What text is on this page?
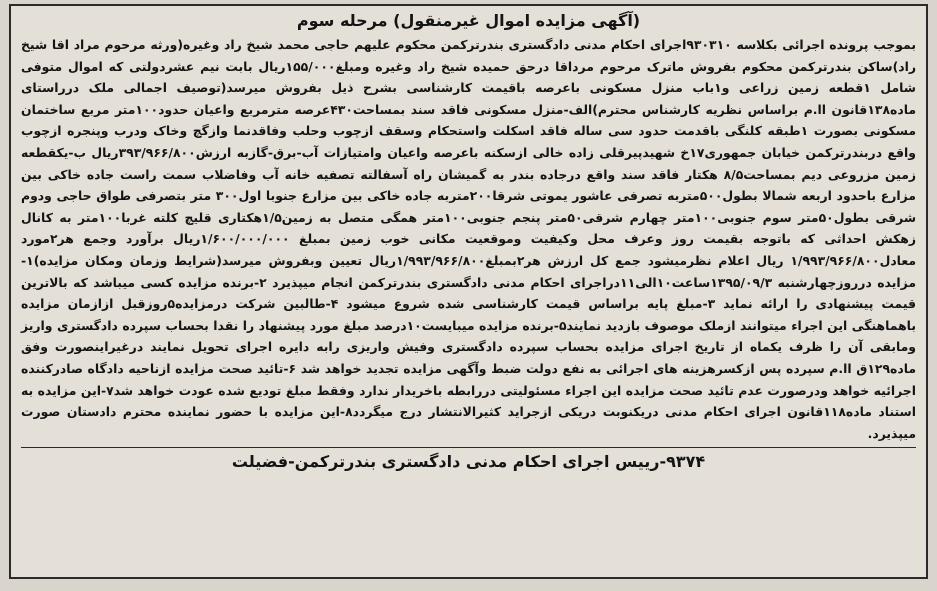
(آگهی مزایده اموال غیرمنقول) مرحله سوم

بموجب پرونده اجرائی بکلاسه ۹۳۰۳۱۰اجرای احکام مدنی دادگستری بندرترکمن محکوم علیهم حاجی محمد شیخ راد وغیره(ورثه مرحوم مراد اقا شیخ راد)ساکن بندرترکمن محکوم بفروش ماترک مرحوم مرداقا درحق حمیده شیخ راد وغیره ومبلغ۱۵۵/۰۰۰ریال بابت نیم عشردولتی که اموال متوفی شامل ۱قطعه زمین زراعی و۱باب منزل مسکونی باعرصه باقیمت کارشناسی بشرح ذیل بفروش میرسد(توصیف اجمالی ملک درراستای ماده۱۳۸قانون اا.م براساس نظریه کارشناس محترم)الف-منزل مسکونی فاقد سند بمساحت۴۳۰عرصه مترمربع واعیان حدود۱۰۰متر مربع ساختمان مسکونی بصورت ۱طبقه کلنگی باقدمت حدود سی ساله فاقد اسکلت واستحکام وسقف ازچوب وحلب وفاقدنما وازگچ وخاک ودرب وپنجره ازچوب واقع دربندرترکمن خیابان جمهوری۱۷خ شهیدپیرقلی زاده خالی ازسکنه باعرصه واعیان وامتیازات آب-برق-گازبه ارزش۳۹۳/۹۶۶/۸۰۰ریال ب-یکقطعه زمین مزروعی دیم بمساحت۸/۵ هکتار فاقد سند واقع درجاده بندر به گمیشان راه آسفالته تصفیه خانه آب وفاضلاب سمت راست جاده خاکی بین مزارع باحدود اربعه شمالا بطول۵۰۰متربه تصرفی عاشور یموتی شرقا۲۰۰متربه جاده خاکی بین مزارع جنوبا اول۳۰۰ متر بتصرفی طواق حاجی ودوم شرقی بطول۵۰متر سوم جنوبی۱۰۰متر چهارم شرقی۵۰متر پنجم جنوبی۱۰۰متر همگی متصل به زمین۱/۵هکتاری قلیچ کلته غربا۱۰۰متر به کانال زهکش احداثی که باتوجه بقیمت روز وعرف محل وکیفیت وموقعیت مکانی خوب زمین بمبلغ ۱/۶۰۰/۰۰۰/۰۰۰ریال برآورد وجمع هر۲مورد معادل۱/۹۹۳/۹۶۶/۸۰۰ ریال اعلام نظرمیشود جمع کل ارزش هر۲بمبلغ۱/۹۹۳/۹۶۶/۸۰۰ریال تعیین وبفروش میرسد(شرایط وزمان ومکان مزایده)۱-مزایده درروزچهارشنبه ۱۳۹۵/۰۹/۳ساعت۱۰الی۱۱دراجرای احکام مدنی دادگستری بندرترکمن انجام میپذیرد ۲-برنده مزایده کسی میباشد که بالاترین قیمت پیشنهادی را ارائه نماید ۳-مبلغ پایه براساس قیمت کارشناسی شده شروع میشود ۴-طالبین شرکت درمزایده۵روزقبل ازازمان مزایده باهماهنگی این اجراء میتوانند ازملک موصوف بازدید نمایند۵-برنده مزایده میبایست۱۰درصد مبلغ مورد پیشنهاد را نقدا بحساب سپرده دادگستری واریز ومابقی آن را ظرف یکماه از تاریخ اجرای مزایده بحساب سپرده دادگستری وفیش واریزی رابه دایره اجرای تحویل نمایند درغیراینصورت وفق ماده۱۲۹ق اا.م سپرده پس ازکسرهزینه های اجرائی به نفع دولت ضبط وآگهی مزایده تجدید خواهد شد ۶-تائید صحت مزایده ازناحیه دادگاه صادرکننده اجرائیه خواهد ودرصورت عدم تائید صحت مزایده این اجراء مسئولیتی دررابطه باخریدار ندارد وفقط مبلغ تودیع شده عودت خواهد شد۷-این مزایده به استناد ماده۱۱۸قانون اجرای احکام مدنی دریکنوبت دریکی ازجراید کثیرالانتشار درج میگردد۸-این مزایده با حضور نماینده محترم دادستان صورت میپذیرد.

۹۳۷۴-رییس اجرای احکام مدنی دادگستری بندرترکمن-فضیلت
